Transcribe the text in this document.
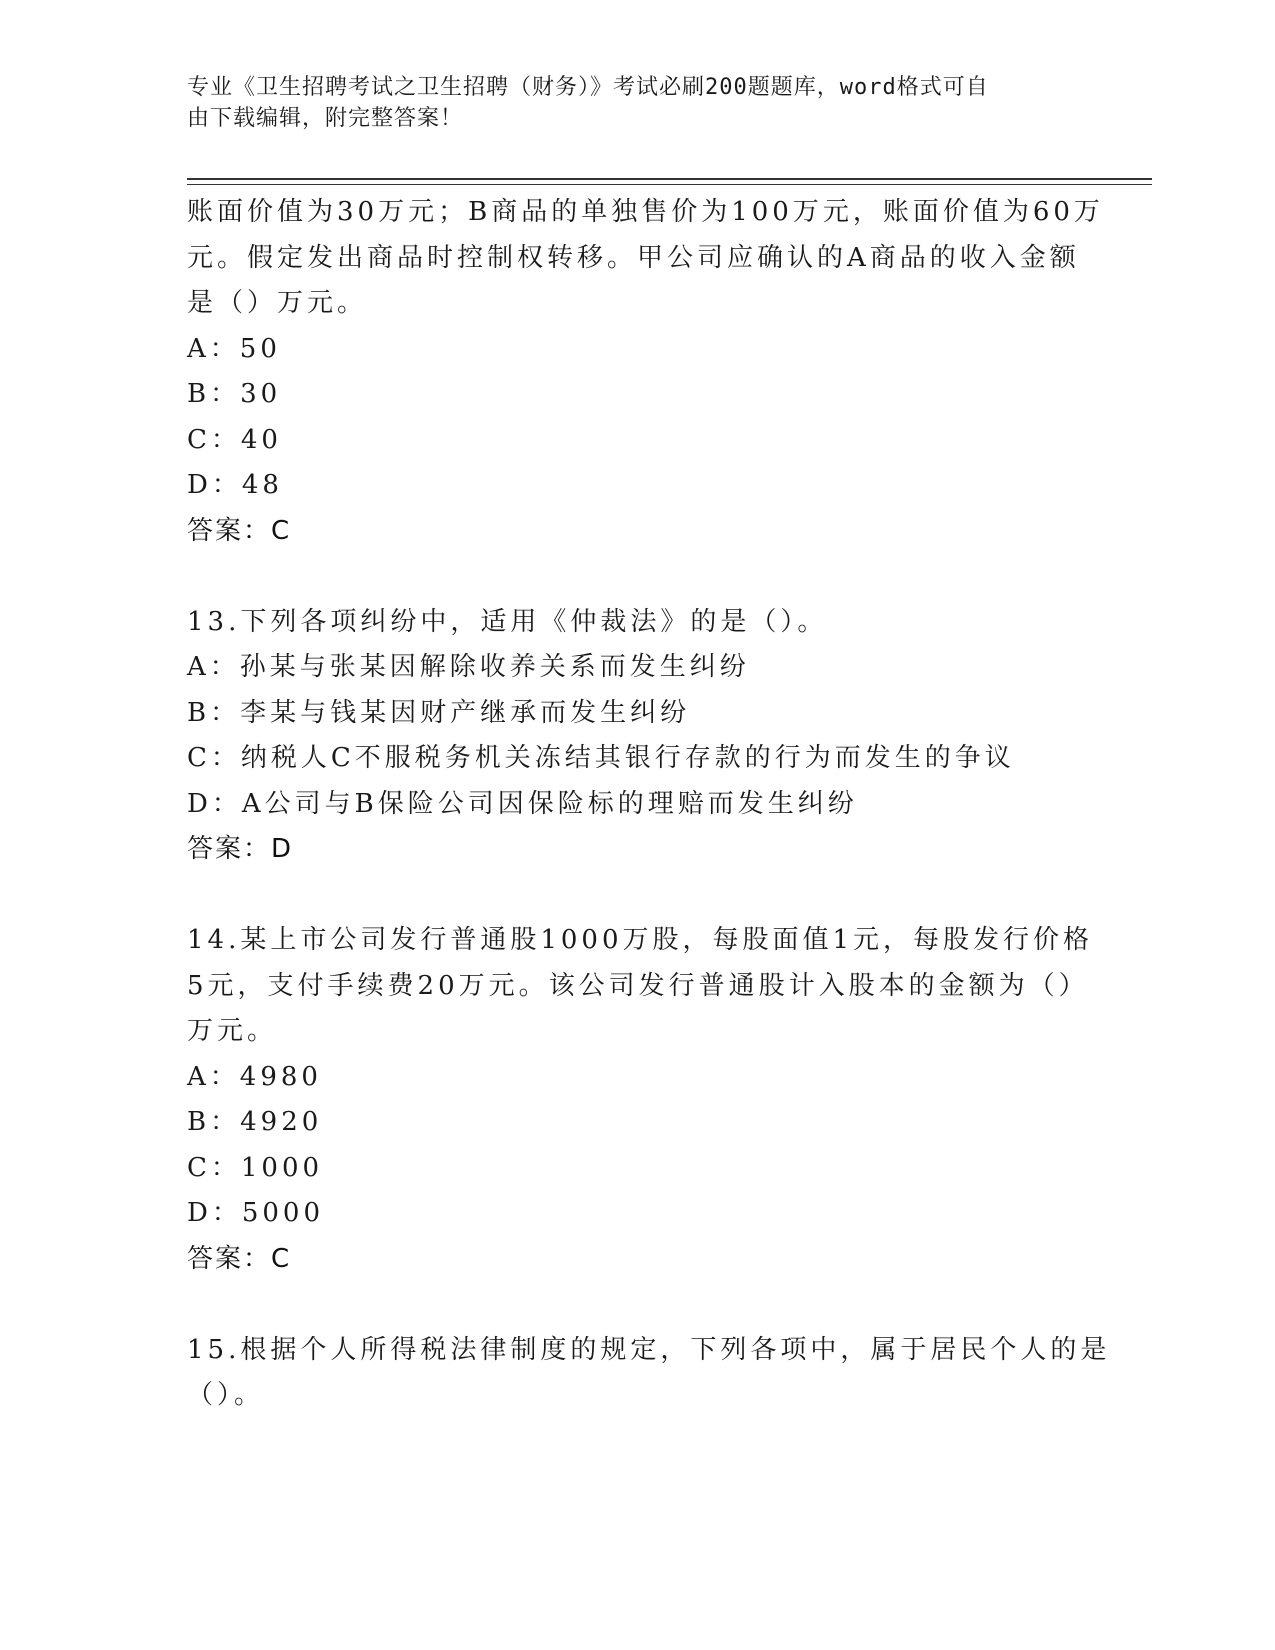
专业《卫生招聘考试之卫生招聘（财务）》考试必刷200题题库，word格式可自
由下载编辑，附完整答案！
账面价值为30万元；B商品的单独售价为100万元，账面价值为60万
元。假定发出商品时控制权转移。甲公司应确认的A商品的收入金额
是（）万元。
A：50
B：30
C：40
D：48
答案：C
13.下列各项纠纷中，适用《仲裁法》的是（）。
A：孙某与张某因解除收养关系而发生纠纷
B：李某与钱某因财产继承而发生纠纷
C：纳税人C不服税务机关冻结其银行存款的行为而发生的争议
D：A公司与B保险公司因保险标的理赔而发生纠纷
答案：D
14.某上市公司发行普通股1000万股，每股面值1元，每股发行价格
5元，支付手续费20万元。该公司发行普通股计入股本的金额为（）
万元。
A：4980
B：4920
C：1000
D：5000
答案：C
15.根据个人所得税法律制度的规定，下列各项中，属于居民个人的是
（）。
